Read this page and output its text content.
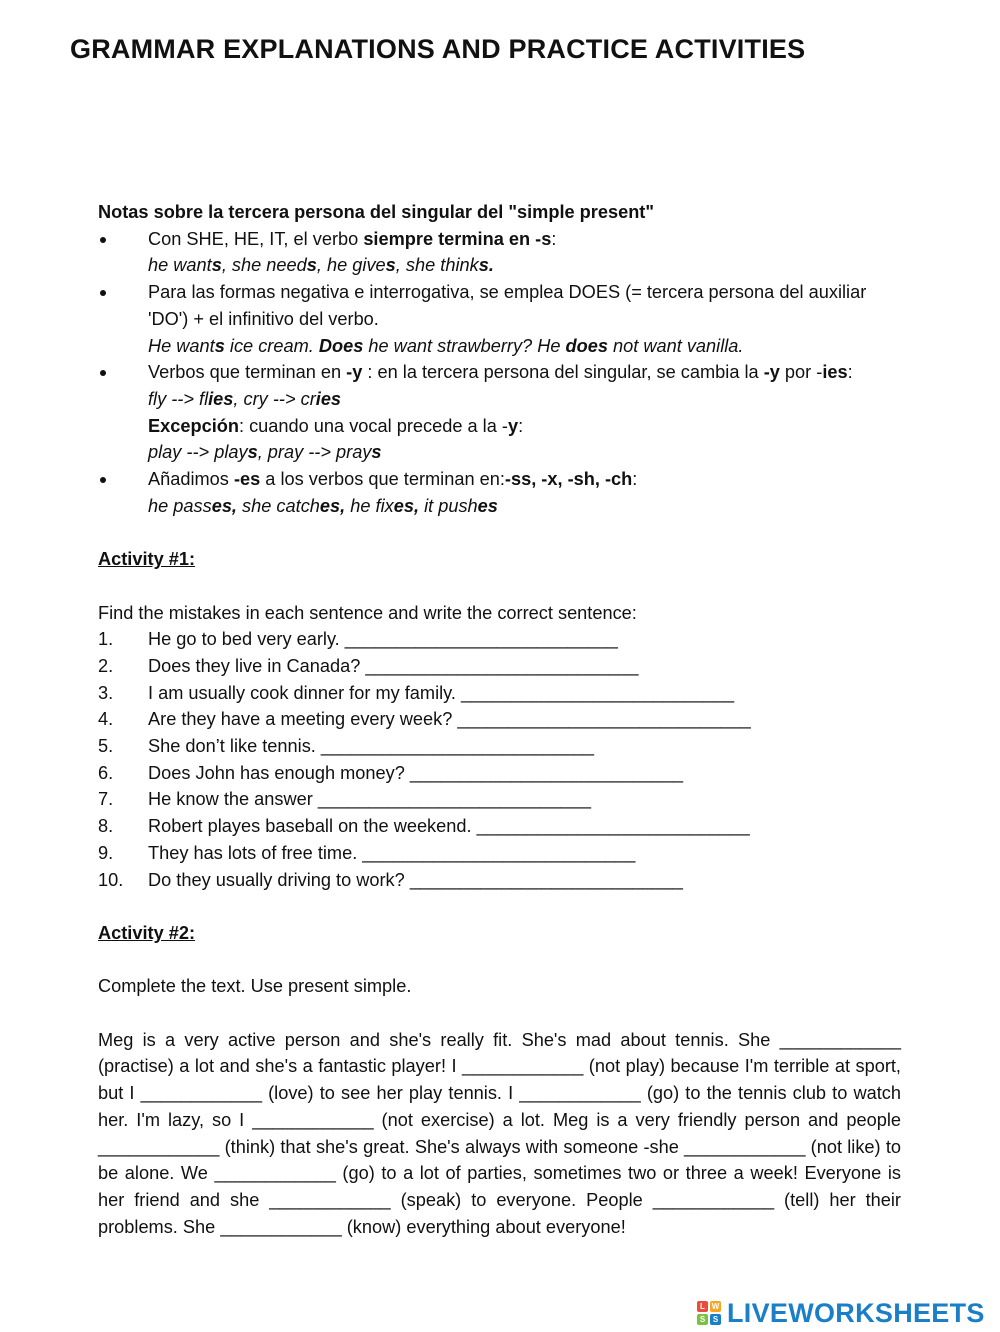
GRAMMAR EXPLANATIONS AND PRACTICE ACTIVITIES

Notas sobre la tercera persona del singular del "simple present"

Con SHE, HE, IT, el verbo siempre termina en -s:
he wants, she needs, he gives, she thinks.
Para las formas negativa e interrogativa, se emplea DOES (= tercera persona del auxiliar 'DO') + el infinitivo del verbo.
He wants ice cream. Does he want strawberry? He does not want vanilla.
Verbos que terminan en -y : en la tercera persona del singular, se cambia la -y por -ies:
fly --> flies, cry --> cries
Excepción: cuando una vocal precede a la -y:
play --> plays, pray --> prays
Añadimos -es a los verbos que terminan en:-ss, -x, -sh, -ch:
he passes, she catches, he fixes, it pushes

Activity #1:

Find the mistakes in each sentence and write the correct sentence:

1. He go to bed very early. ___________________________
2. Does they live in Canada? ___________________________
3. I am usually cook dinner for my family. ___________________________
4. Are they have a meeting every week? _____________________________
5. She don’t like tennis. ___________________________
6. Does John has enough money? ___________________________
7. He know the answer ___________________________
8. Robert playes baseball on the weekend. ___________________________
9. They has lots of free time. ___________________________
10. Do they usually driving to work? ___________________________

Activity #2:

Complete the text. Use present simple.

Meg is a very active person and she's really fit. She's mad about tennis. She ____________ (practise) a lot and she's a fantastic player! I ____________ (not play) because I'm terrible at sport, but I ____________ (love) to see her play tennis. I ____________ (go) to the tennis club to watch her. I'm lazy, so I ____________ (not exercise) a lot. Meg is a very friendly person and people ____________ (think) that she's great. She's always with someone -she ____________ (not like) to be alone. We ____________ (go) to a lot of parties, sometimes two or three a week! Everyone is her friend and she ____________ (speak) to everyone. People ____________ (tell) her their problems. She ____________ (know) everything about everyone!

L W
S S LIVEWORKSHEETS
